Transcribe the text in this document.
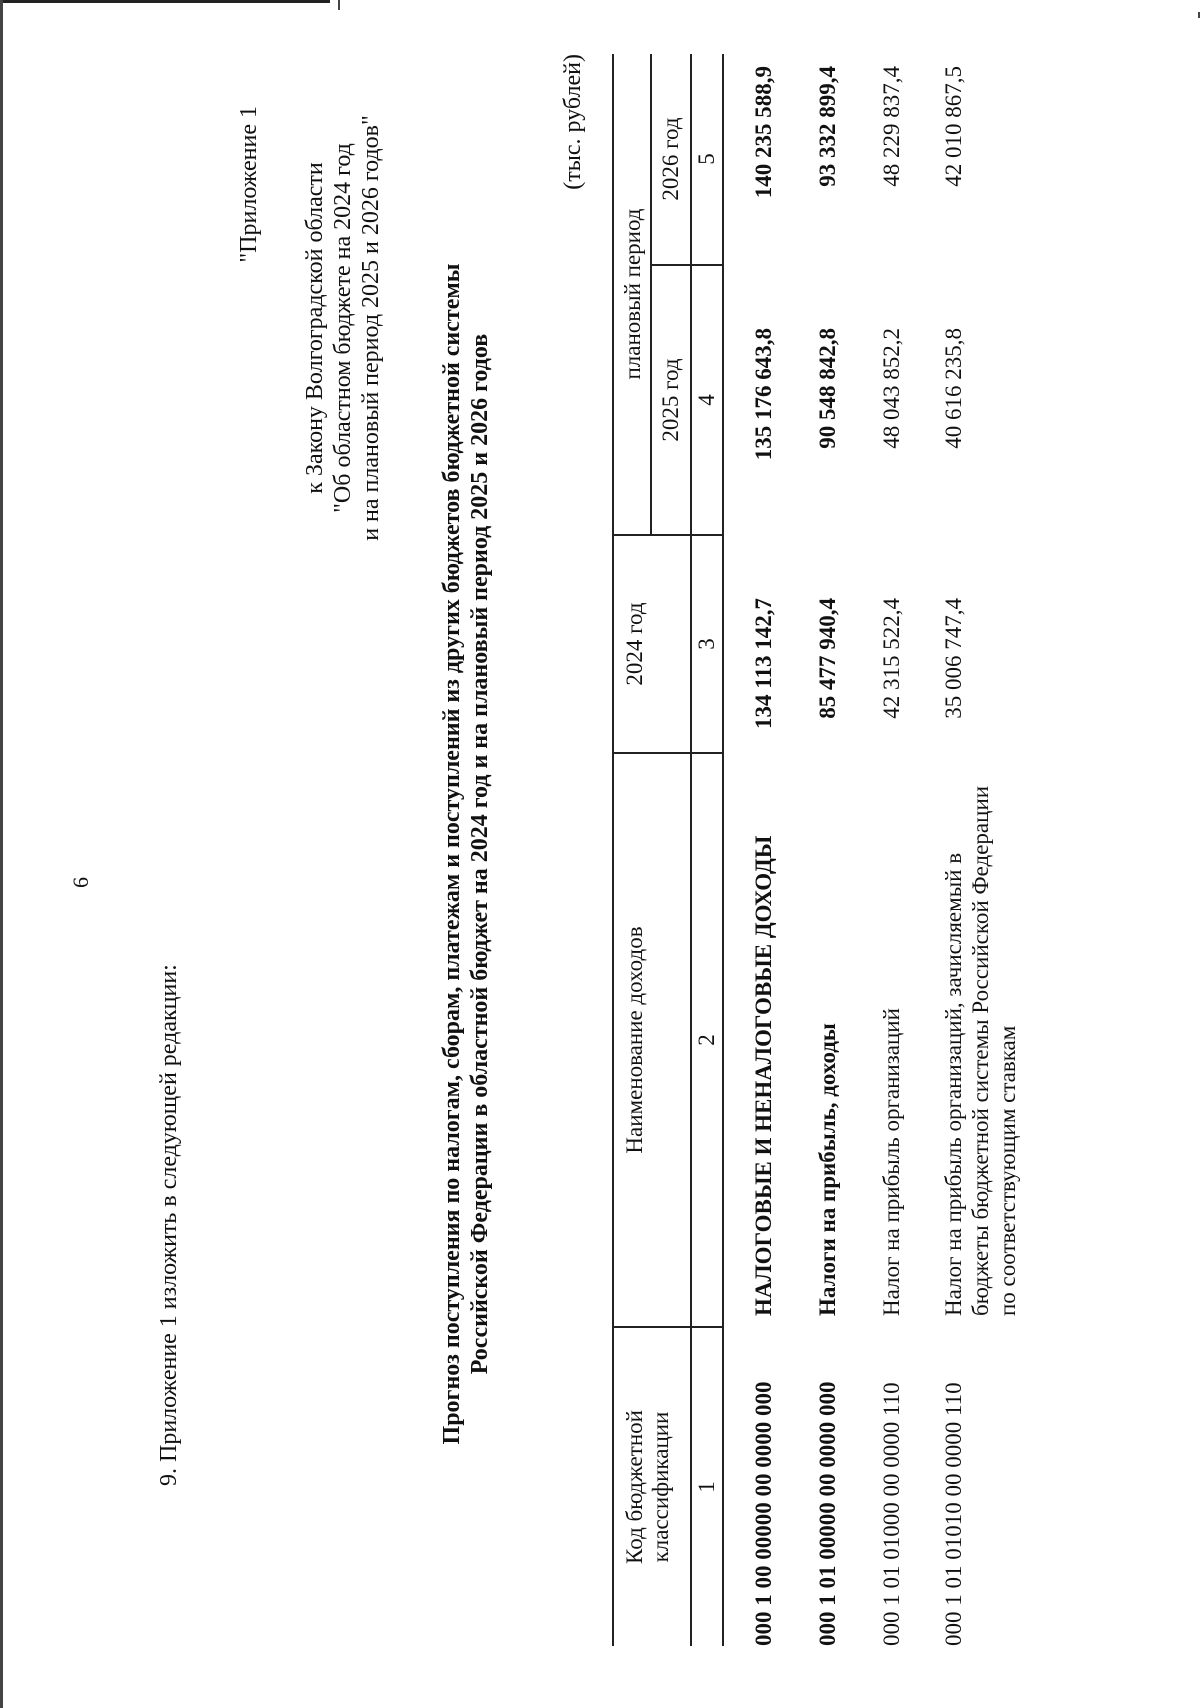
6
9. Приложение 1 изложить в следующей редакции:
"Приложение 1 к Закону Волгоградской области "Об областном бюджете на 2024 год и на плановый период 2025 и 2026 годов" Прогноз поступления по налогам, сборам, платежам и поступлений из других бюджетов бюджетной системы Российской Федерации в областной бюджет на 2024 год и на плановый период 2025 и 2026 годов
(тыс. рублей)
Код бюджетной классификации
Наименование доходов
2024 год
плановый период
2025 год
2026 год
1
2
3
4
5
000 1 00 00000 00 0000 000
НАЛОГОВЫЕ И НЕНАЛОГОВЫЕ ДОХОДЫ
134 113 142,7
135 176 643,8
140 235 588,9
000 1 01 00000 00 0000 000
Налоги на прибыль, доходы
85 477 940,4
90 548 842,8
93 332 899,4
000 1 01 01000 00 0000 110
Налог на прибыль организаций
42 315 522,4
48 043 852,2
48 229 837,4
000 1 01 01010 00 0000 110
Налог на прибыль организаций, зачисляемый в бюджеты бюджетной системы Российской Федерации по соответствующим ставкам
35 006 747,4
40 616 235,8
42 010 867,5
